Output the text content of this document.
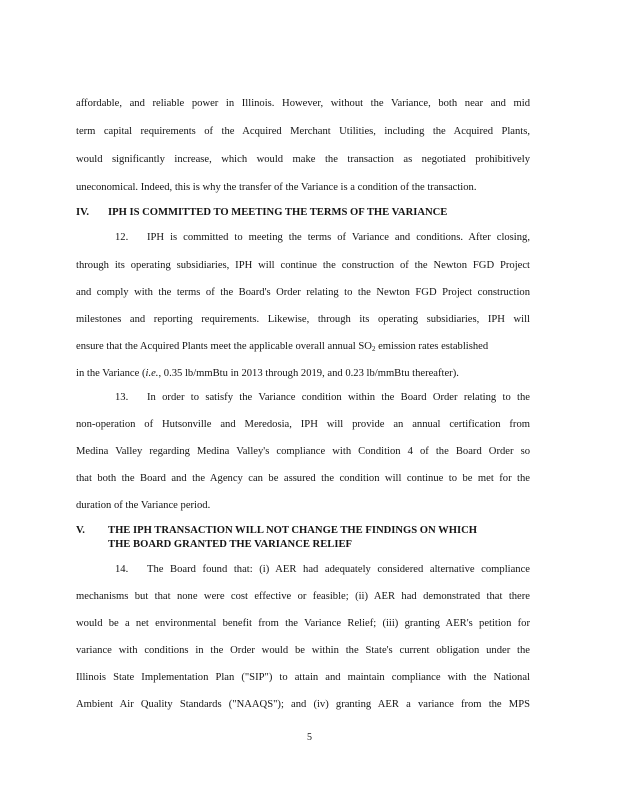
affordable, and reliable power in Illinois. However, without the Variance, both near and mid
term capital requirements of the Acquired Merchant Utilities, including the Acquired Plants,
would significantly increase, which would make the transaction as negotiated prohibitively
uneconomical. Indeed, this is why the transfer of the Variance is a condition of the transaction.
IV. IPH IS COMMITTED TO MEETING THE TERMS OF THE VARIANCE
12. IPH is committed to meeting the terms of Variance and conditions. After closing,
through its operating subsidiaries, IPH will continue the construction of the Newton FGD Project
and comply with the terms of the Board's Order relating to the Newton FGD Project construction
milestones and reporting requirements. Likewise, through its operating subsidiaries, IPH will
ensure that the Acquired Plants meet the applicable overall annual $SO_2$ emission rates established
in the Variance (i.e., 0.35 lb/mmBtu in 2013 through 2019, and 0.23 lb/mmBtu thereafter).
13. In order to satisfy the Variance condition within the Board Order relating to the
non-operation of Hutsonville and Meredosia, IPH will provide an annual certification from
Medina Valley regarding Medina Valley's compliance with Condition 4 of the Board Order so
that both the Board and the Agency can be assured the condition will continue to be met for the
duration of the Variance period.
V. THE IPH TRANSACTION WILL NOT CHANGE THE FINDINGS ON WHICH
THE BOARD GRANTED THE VARIANCE RELIEF
14. The Board found that: (i) AER had adequately considered alternative compliance
mechanisms but that none were cost effective or feasible; (ii) AER had demonstrated that there
would be a net environmental benefit from the Variance Relief; (iii) granting AER's petition for
variance with conditions in the Order would be within the State's current obligation under the
Illinois State Implementation Plan ("SIP") to attain and maintain compliance with the National
Ambient Air Quality Standards ("NAAQS"); and (iv) granting AER a variance from the MPS
5
